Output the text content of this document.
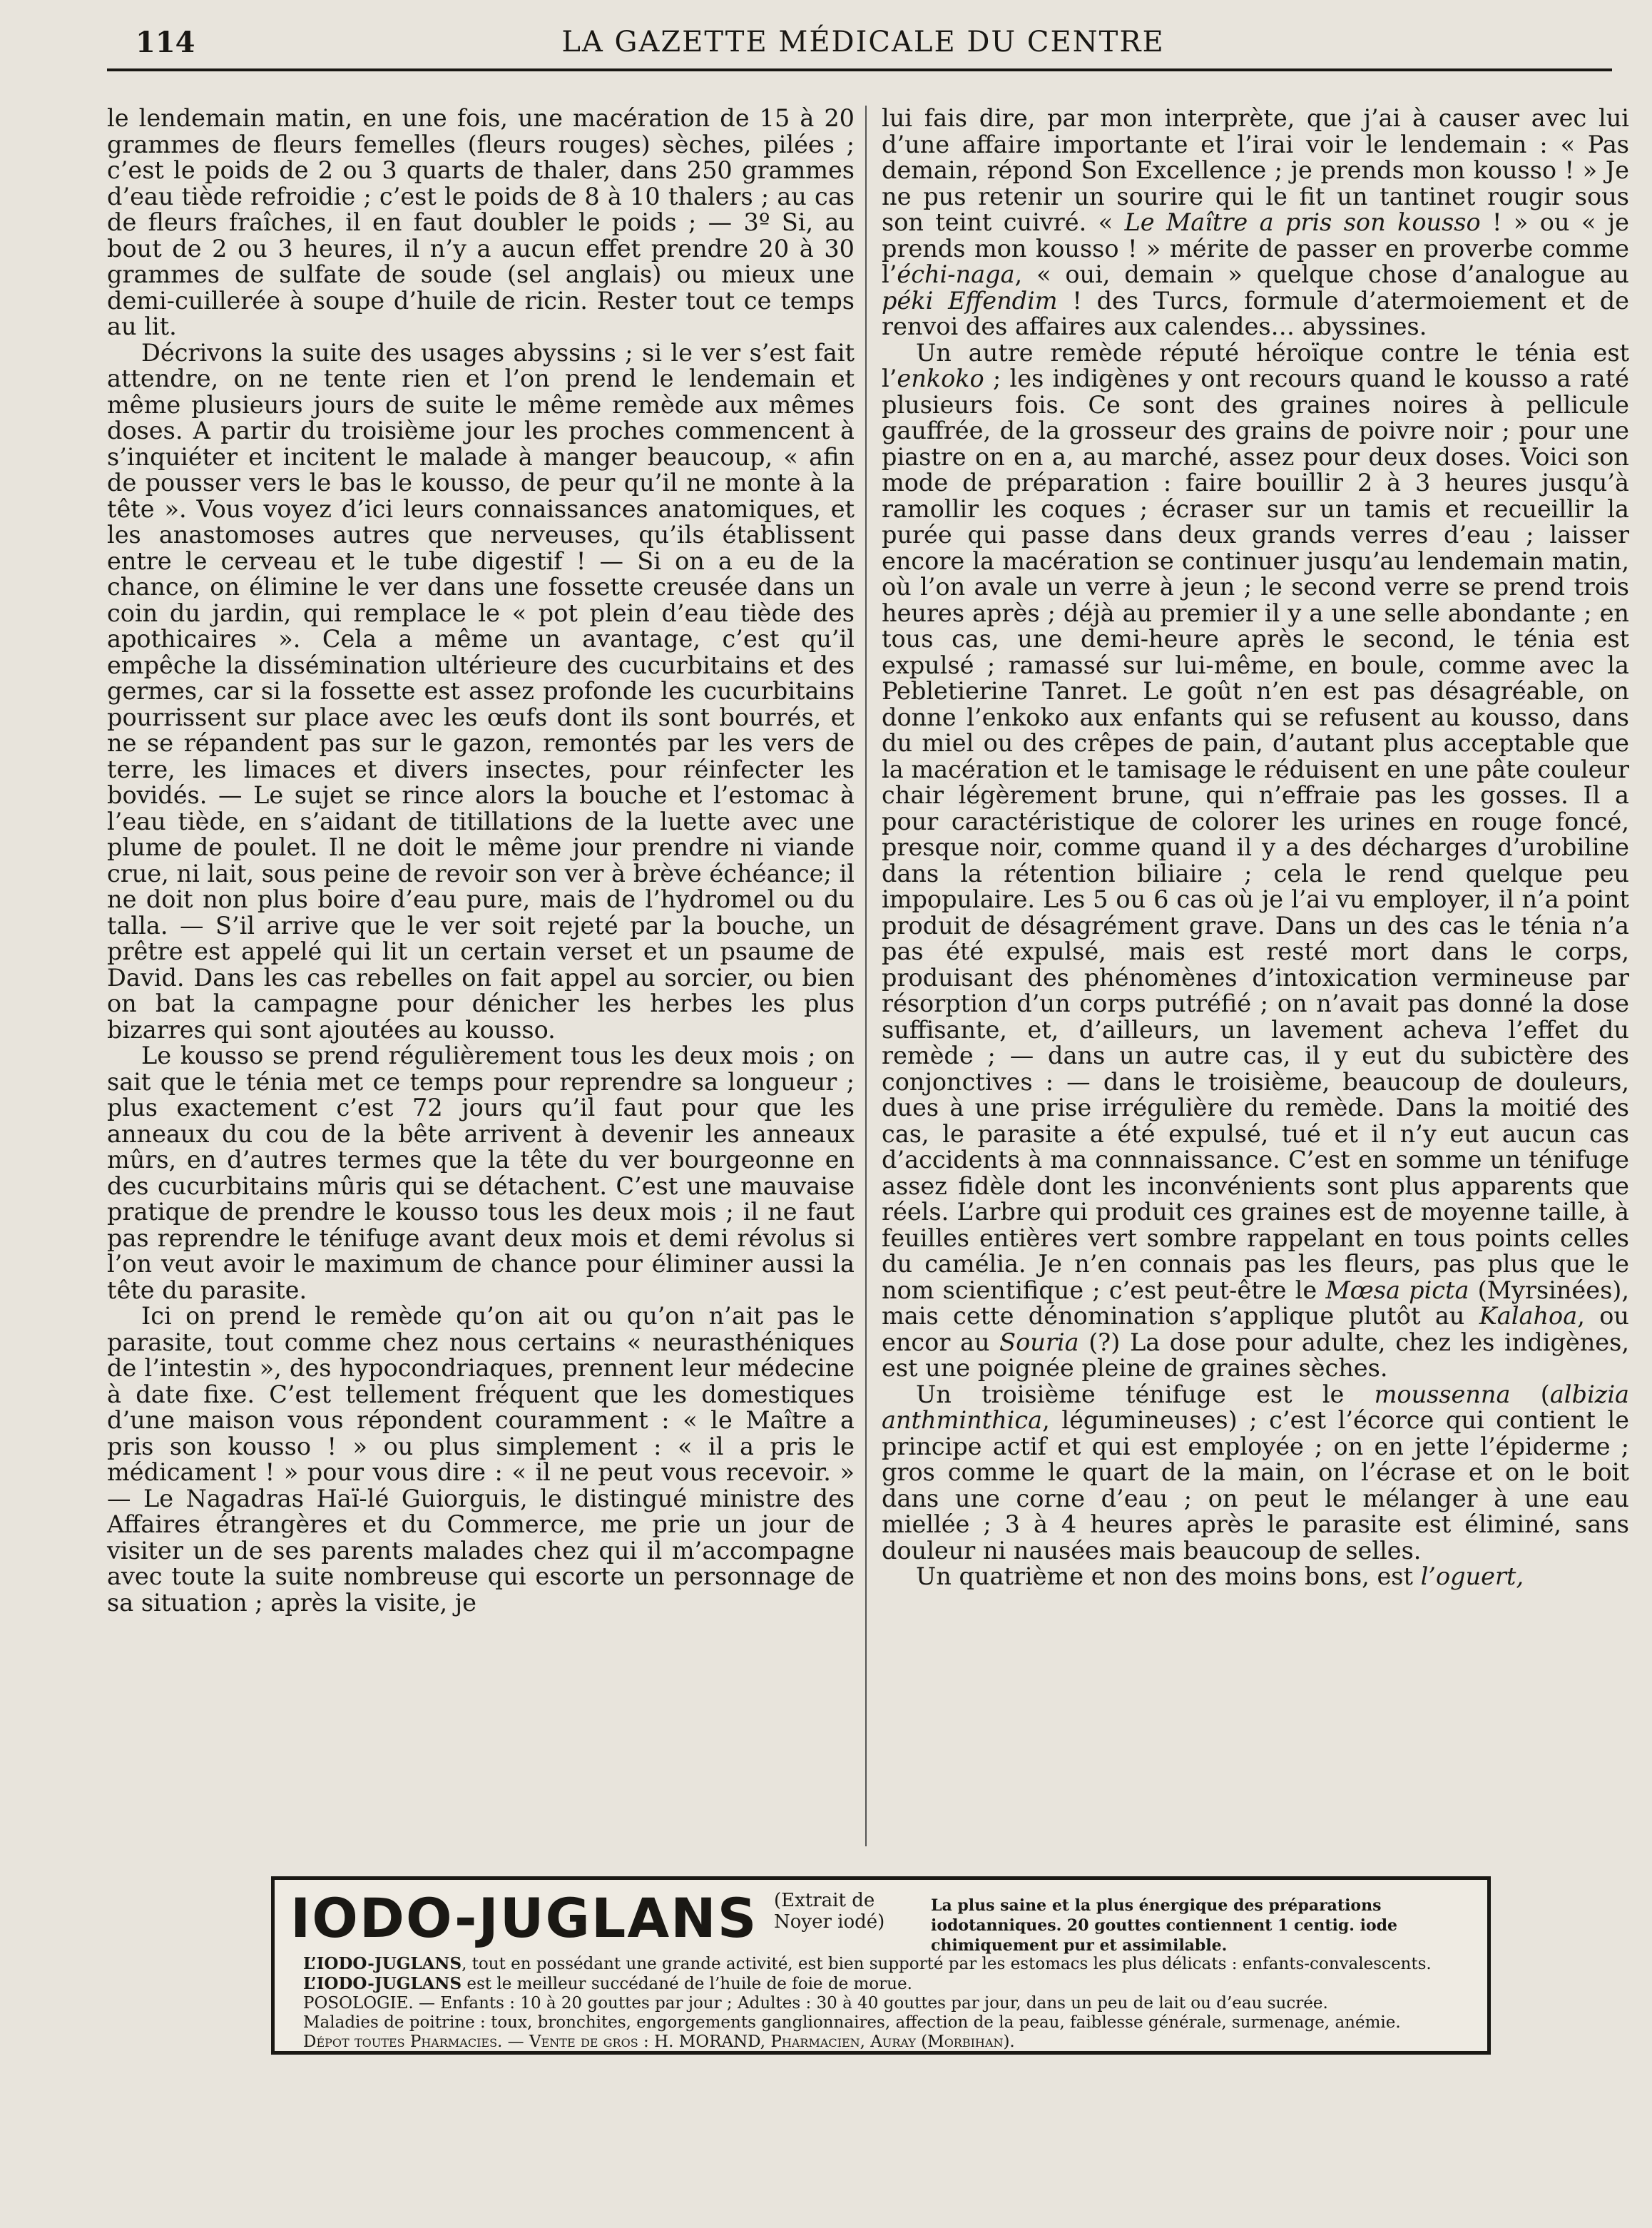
114	LA GAZETTE MÉDICALE DU CENTRE

le lendemain matin, en une fois, une macération de 15 à 20 grammes de fleurs femelles (fleurs rouges) sèches, pilées ; c’est le poids de 2 ou 3 quarts de thaler, dans 250 grammes d’eau tiède refroidie ; c’est le poids de 8 à 10 thalers ; au cas de fleurs fraîches, il en faut doubler le poids ; — 3º Si, au bout de 2 ou 3 heures, il n’y a aucun effet prendre 20 à 30 grammes de sulfate de soude (sel anglais) ou mieux une demi-cuillerée à soupe d’huile de ricin. Rester tout ce temps au lit.

Décrivons la suite des usages abyssins ; si le ver s’est fait attendre, on ne tente rien et l’on prend le lendemain et même plusieurs jours de suite le même remède aux mêmes doses. A partir du troisième jour les proches commencent à s’inquiéter et incitent le malade à manger beaucoup, « afin de pousser vers le bas le kousso, de peur qu’il ne monte à la tête ». Vous voyez d’ici leurs connaissances anatomiques, et les anastomoses autres que nerveuses, qu’ils établissent entre le cerveau et le tube digestif ! — Si on a eu de la chance, on élimine le ver dans une fossette creusée dans un coin du jardin, qui remplace le « pot plein d’eau tiède des apothicaires ». Cela a même un avantage, c’est qu’il empêche la dissémination ultérieure des cucurbitains et des germes, car si la fossette est assez profonde les cucurbitains pourrissent sur place avec les œufs dont ils sont bourrés, et ne se répandent pas sur le gazon, remontés par les vers de terre, les limaces et divers insectes, pour réinfecter les bovidés. — Le sujet se rince alors la bouche et l’estomac à l’eau tiède, en s’aidant de titillations de la luette avec une plume de poulet. Il ne doit le même jour prendre ni viande crue, ni lait, sous peine de revoir son ver à brève échéance; il ne doit non plus boire d’eau pure, mais de l’hydromel ou du talla. — S’il arrive que le ver soit rejeté par la bouche, un prêtre est appelé qui lit un certain verset et un psaume de David. Dans les cas rebelles on fait appel au sorcier, ou bien on bat la campagne pour dénicher les herbes les plus bizarres qui sont ajoutées au kousso.

Le kousso se prend régulièrement tous les deux mois ; on sait que le ténia met ce temps pour reprendre sa longueur ; plus exactement c’est 72 jours qu’il faut pour que les anneaux du cou de la bête arrivent à devenir les anneaux mûrs, en d’autres termes que la tête du ver bourgeonne en des cucurbitains mûris qui se détachent. C’est une mauvaise pratique de prendre le kousso tous les deux mois ; il ne faut pas reprendre le ténifuge avant deux mois et demi révolus si l’on veut avoir le maximum de chance pour éliminer aussi la tête du parasite.

Ici on prend le remède qu’on ait ou qu’on n’ait pas le parasite, tout comme chez nous certains « neurasthéniques de l’intestin », des hypocondriaques, prennent leur médecine à date fixe. C’est tellement fréquent que les domestiques d’une maison vous répondent couramment : « le Maître a pris son kousso ! » ou plus simplement : « il a pris le médicament ! » pour vous dire : « il ne peut vous recevoir. » — Le Nagadras Haï-lé Guiorguis, le distingué ministre des Affaires étrangères et du Commerce, me prie un jour de visiter un de ses parents malades chez qui il m’accompagne avec toute la suite nombreuse qui escorte un personnage de sa situation ; après la visite, je

lui fais dire, par mon interprète, que j’ai à causer avec lui d’une affaire importante et l’irai voir le lendemain : « Pas demain, répond Son Excellence ; je prends mon kousso ! » Je ne pus retenir un sourire qui le fit un tantinet rougir sous son teint cuivré. « Le Maître a pris son kousso ! » ou « je prends mon kousso ! » mérite de passer en proverbe comme l’échi-naga, « oui, demain » quelque chose d’analogue au péki Effendim ! des Turcs, formule d’atermoiement et de renvoi des affaires aux calendes… abyssines.

Un autre remède réputé héroïque contre le ténia est l’enkoko ; les indigènes y ont recours quand le kousso a raté plusieurs fois. Ce sont des graines noires à pellicule gauffrée, de la grosseur des grains de poivre noir ; pour une piastre on en a, au marché, assez pour deux doses. Voici son mode de préparation : faire bouillir 2 à 3 heures jusqu’à ramollir les coques ; écraser sur un tamis et recueillir la purée qui passe dans deux grands verres d’eau ; laisser encore la macération se continuer jusqu’au lendemain matin, où l’on avale un verre à jeun ; le second verre se prend trois heures après ; déjà au premier il y a une selle abondante ; en tous cas, une demi-heure après le second, le ténia est expulsé ; ramassé sur lui-même, en boule, comme avec la Pebletierine Tanret. Le goût n’en est pas désagréable, on donne l’enkoko aux enfants qui se refusent au kousso, dans du miel ou des crêpes de pain, d’autant plus acceptable que la macération et le tamisage le réduisent en une pâte couleur chair légèrement brune, qui n’effraie pas les gosses. Il a pour caractéristique de colorer les urines en rouge foncé, presque noir, comme quand il y a des décharges d’urobiline dans la rétention biliaire ; cela le rend quelque peu impopulaire. Les 5 ou 6 cas où je l’ai vu employer, il n’a point produit de désagrément grave. Dans un des cas le ténia n’a pas été expulsé, mais est resté mort dans le corps, produisant des phénomènes d’intoxication vermineuse par résorption d’un corps putréfié ; on n’avait pas donné la dose suffisante, et, d’ailleurs, un lavement acheva l’effet du remède ; — dans un autre cas, il y eut du subictère des conjonctives : — dans le troisième, beaucoup de douleurs, dues à une prise irrégulière du remède. Dans la moitié des cas, le parasite a été expulsé, tué et il n’y eut aucun cas d’accidents à ma connnaissance. C’est en somme un ténifuge assez fidèle dont les inconvénients sont plus apparents que réels. L’arbre qui produit ces graines est de moyenne taille, à feuilles entières vert sombre rappelant en tous points celles du camélia. Je n’en connais pas les fleurs, pas plus que le nom scientifique ; c’est peut-être le Mœsa picta (Myrsinées), mais cette dénomination s’applique plutôt au Kalahoa, ou encor au Souria (?) La dose pour adulte, chez les indigènes, est une poignée pleine de graines sèches.

Un troisième ténifuge est le moussenna (albizia anthminthica, légumineuses) ; c’est l’écorce qui contient le principe actif et qui est employée ; on en jette l’épiderme ; gros comme le quart de la main, on l’écrase et on le boit dans une corne d’eau ; on peut le mélanger à une eau miellée ; 3 à 4 heures après le parasite est éliminé, sans douleur ni nausées mais beaucoup de selles.

Un quatrième et non des moins bons, est l’oguert,

IODO-JUGLANS (Extrait de Noyer iodé)
La plus saine et la plus énergique des préparations iodotanniques. 20 gouttes contiennent 1 centig. iode chimiquement pur et assimilable.
L’IODO-JUGLANS, tout en possédant une grande activité, est bien supporté par les estomacs les plus délicats : enfants-convalescents.
L’IODO-JUGLANS est le meilleur succédané de l’huile de foie de morue.
POSOLOGIE. — Enfants : 10 à 20 gouttes par jour ; Adultes : 30 à 40 gouttes par jour, dans un peu de lait ou d’eau sucrée.
Maladies de poitrine : toux, bronchites, engorgements ganglionnaires, affection de la peau, faiblesse générale, surmenage, anémie.
Dépot toutes Pharmacies. — Vente de gros : H. MORAND, Pharmacien, Auray (Morbihan).
